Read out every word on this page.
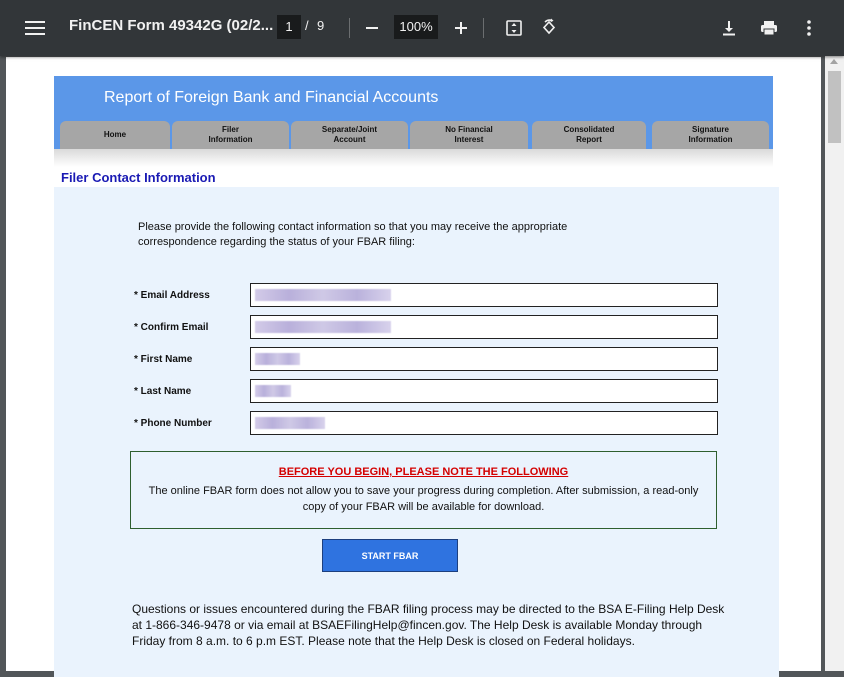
FinCEN Form 49342G (02/2... 1 / 9	100%
Report of Foreign Bank and Financial Accounts
Home
Filer
Information
Separate/Joint
Account
No Financial
Interest
Consolidated
Report
Signature
Information
Filer Contact Information
Please provide the following contact information so that you may receive the appropriate correspondence regarding the status of your FBAR filing:
* Email Address
* Confirm Email
* First Name
* Last Name
* Phone Number
BEFORE YOU BEGIN, PLEASE NOTE THE FOLLOWING
The online FBAR form does not allow you to save your progress during completion. After submission, a read-only copy of your FBAR will be available for download.
START FBAR
Questions or issues encountered during the FBAR filing process may be directed to the BSA E-Filing Help Desk at 1-866-346-9478 or via email at BSAEFilingHelp@fincen.gov. The Help Desk is available Monday through Friday from 8 a.m. to 6 p.m EST. Please note that the Help Desk is closed on Federal holidays.
